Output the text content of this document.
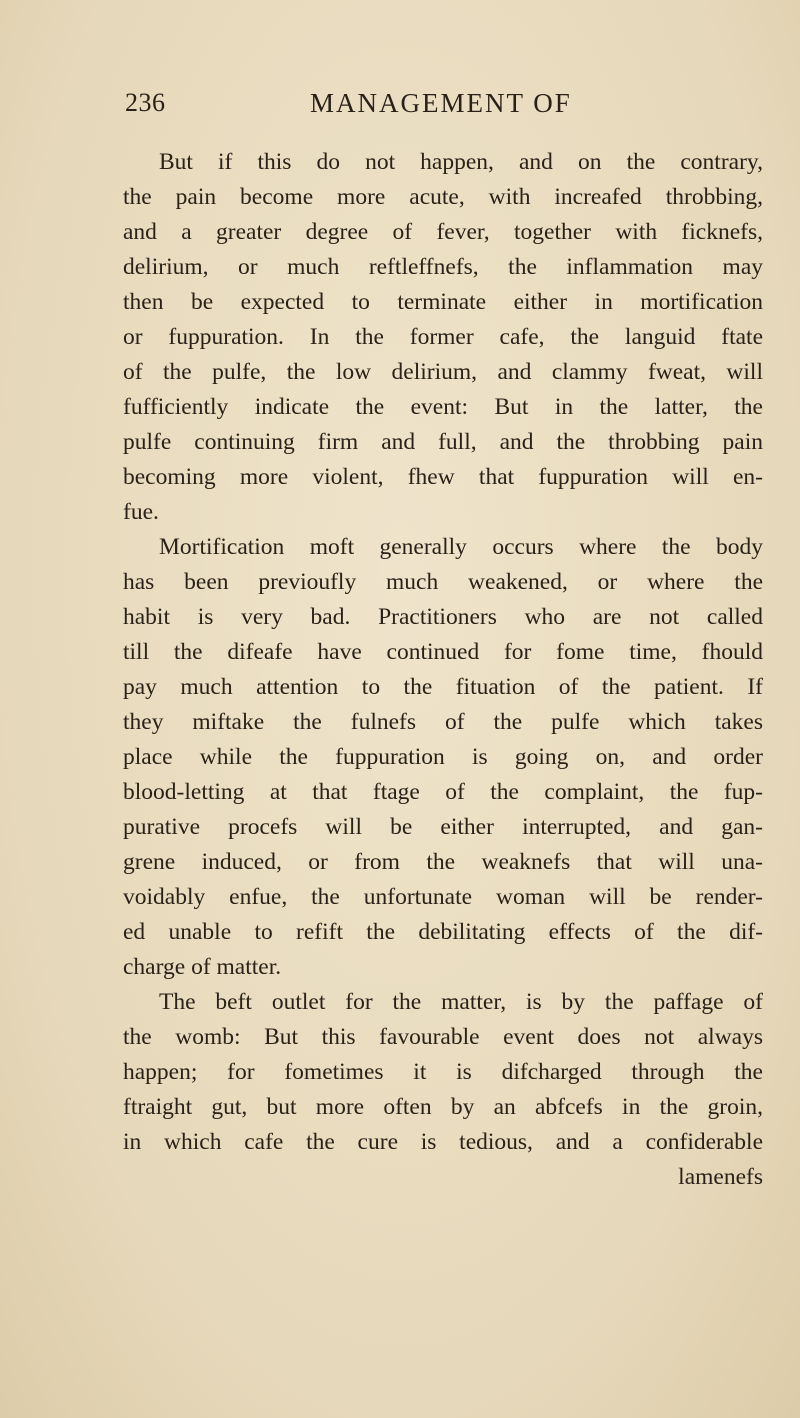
236	MANAGEMENT OF
But if this do not happen, and on the contrary,
the pain become more acute, with increafed throbbing,
and a greater degree of fever, together with ficknefs,
delirium, or much reftleffnefs, the inflammation may
then be expected to terminate either in mortification
or fuppuration. In the former cafe, the languid ftate
of the pulfe, the low delirium, and clammy fweat, will
fufficiently indicate the event: But in the latter, the
pulfe continuing firm and full, and the throbbing pain
becoming more violent, fhew that fuppuration will en-
fue.
Mortification moft generally occurs where the body
has been previoufly much weakened, or where the
habit is very bad. Practitioners who are not called
till the difeafe have continued for fome time, fhould
pay much attention to the fituation of the patient. If
they miftake the fulnefs of the pulfe which takes
place while the fuppuration is going on, and order
blood-letting at that ftage of the complaint, the fup-
purative procefs will be either interrupted, and gan-
grene induced, or from the weaknefs that will una-
voidably enfue, the unfortunate woman will be render-
ed unable to refift the debilitating effects of the dif-
charge of matter.
The beft outlet for the matter, is by the paffage of
the womb: But this favourable event does not always
happen; for fometimes it is difcharged through the
ftraight gut, but more often by an abfcefs in the groin,
in which cafe the cure is tedious, and a confiderable
lamenefs
